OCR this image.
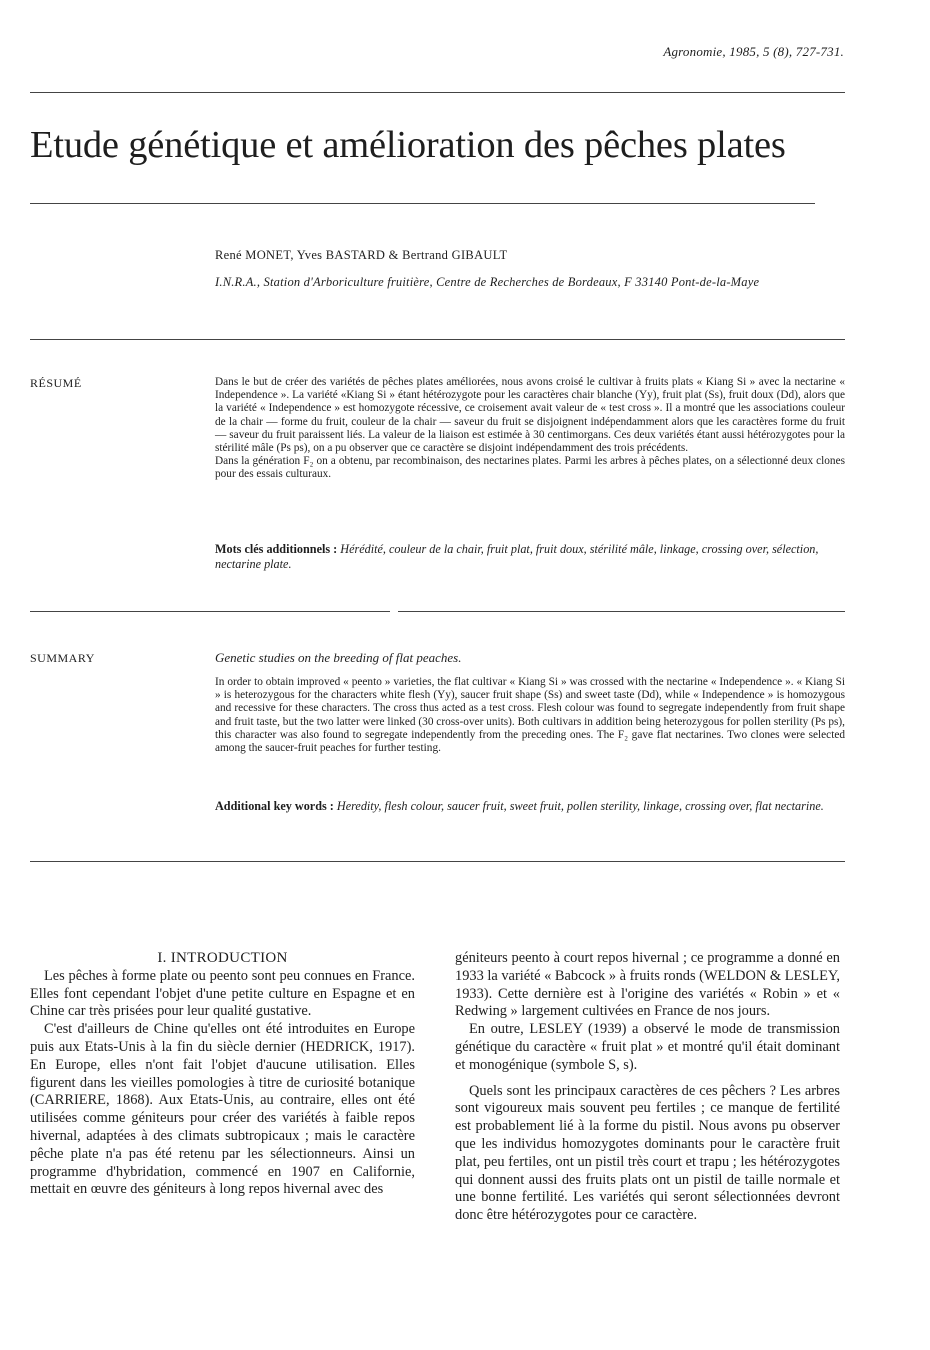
Agronomie, 1985, 5 (8), 727-731.
Etude génétique et amélioration des pêches plates
René MONET, Yves BASTARD & Bertrand GIBAULT
I.N.R.A., Station d'Arboriculture fruitière, Centre de Recherches de Bordeaux, F 33140 Pont-de-la-Maye
RÉSUMÉ	Dans le but de créer des variétés de pêches plates améliorées, nous avons croisé le cultivar à fruits plats « Kiang Si » avec la nectarine « Independence ». La variété «Kiang Si » étant hétérozygote pour les caractères chair blanche (Yy), fruit plat (Ss), fruit doux (Dd), alors que la variété « Independence » est homozygote récessive, ce croisement avait valeur de « test cross ». Il a montré que les associations couleur de la chair — forme du fruit, couleur de la chair — saveur du fruit se disjoignent indépendamment alors que les caractères forme du fruit — saveur du fruit paraissent liés. La valeur de la liaison est estimée à 30 centimorgans. Ces deux variétés étant aussi hétérozygotes pour la stérilité mâle (Ps ps), on a pu observer que ce caractère se disjoint indépendamment des trois précédents.

Dans la génération F₂ on a obtenu, par recombinaison, des nectarines plates. Parmi les arbres à pêches plates, on a sélectionné deux clones pour des essais culturaux.

Mots clés additionnels : Hérédité, couleur de la chair, fruit plat, fruit doux, stérilité mâle, linkage, crossing over, sélection, nectarine plate.
SUMMARY	Genetic studies on the breeding of flat peaches.

In order to obtain improved « peento » varieties, the flat cultivar « Kiang Si » was crossed with the nectarine « Independence ». « Kiang Si » is heterozygous for the characters white flesh (Yy), saucer fruit shape (Ss) and sweet taste (Dd), while « Independence » is homozygous and recessive for these characters. The cross thus acted as a test cross. Flesh colour was found to segregate independently from fruit shape and fruit taste, but the two latter were linked (30 cross-over units). Both cultivars in addition being heterozygous for pollen sterility (Ps ps), this character was also found to segregate independently from the preceding ones. The F₂ gave flat nectarines. Two clones were selected among the saucer-fruit peaches for further testing.

Additional key words : Heredity, flesh colour, saucer fruit, sweet fruit, pollen sterility, linkage, crossing over, flat nectarine.

I. INTRODUCTION

Les pêches à forme plate ou peento sont peu connues en France. Elles font cependant l'objet d'une petite culture en Espagne et en Chine car très prisées pour leur qualité gustative.

C'est d'ailleurs de Chine qu'elles ont été introduites en Europe puis aux Etats-Unis à la fin du siècle dernier (HEDRICK, 1917). En Europe, elles n'ont fait l'objet d'aucune utilisation. Elles figurent dans les vieilles pomologies à titre de curiosité botanique (CARRIERE, 1868). Aux Etats-Unis, au contraire, elles ont été utilisées comme géniteurs pour créer des variétés à faible repos hivernal, adaptées à des climats subtropicaux ; mais le caractère pêche plate n'a pas été retenu par les sélectionneurs. Ainsi un programme d'hybridation, commencé en 1907 en Californie, mettait en œuvre des géniteurs à long repos hivernal avec des

géniteurs peento à court repos hivernal ; ce programme a donné en 1933 la variété « Babcock » à fruits ronds (WELDON & LESLEY, 1933). Cette dernière est à l'origine des variétés « Robin » et « Redwing » largement cultivées en France de nos jours.

En outre, LESLEY (1939) a observé le mode de transmission génétique du caractère « fruit plat » et montré qu'il était dominant et monogénique (symbole S, s).

Quels sont les principaux caractères de ces pêchers ? Les arbres sont vigoureux mais souvent peu fertiles ; ce manque de fertilité est probablement lié à la forme du pistil. Nous avons pu observer que les individus homozygotes dominants pour le caractère fruit plat, peu fertiles, ont un pistil très court et trapu ; les hétérozygotes qui donnent aussi des fruits plats ont un pistil de taille normale et une bonne fertilité. Les variétés qui seront sélectionnées devront donc être hétérozygotes pour ce caractère.
